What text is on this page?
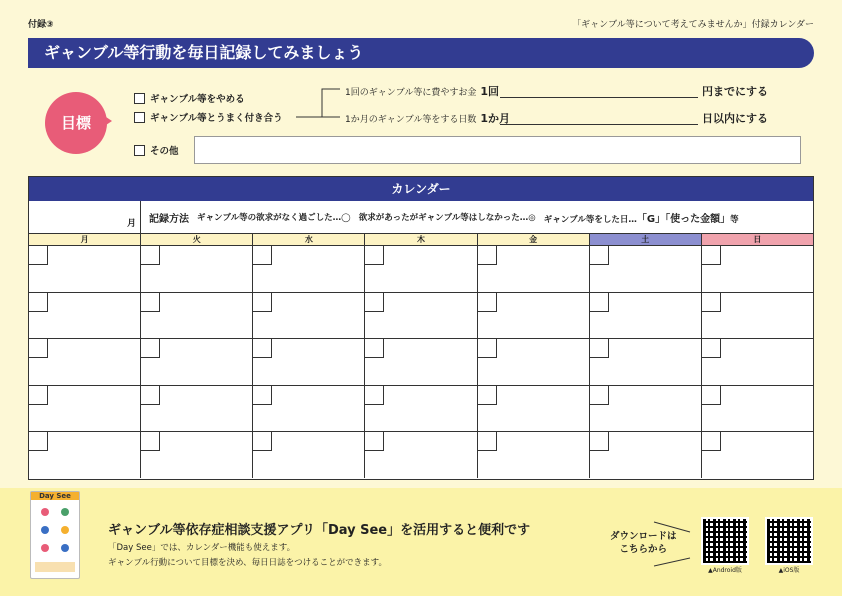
付録③	「ギャンブル等について考えてみませんか」付録カレンダー
ギャンブル等行動を毎日記録してみましょう
目標
ギャンブル等をやめる
ギャンブル等とうまく付き合う
その他
1回のギャンブル等に費やすお金 1回	円までにする
1か月のギャンブル等をする日数 1か月	日以内にする
カレンダー
月 記録方法 ギャンブル等の欲求がなく過ごした…◯ 欲求があったがギャンブル等はしなかった…◎ ギャンブル等をした日…「G」「使った金額」等
月	火	水	木	金	土	日
Day See
ギャンブル等依存症相談支援アプリ「Day See」を活用すると便利です
「Day See」では、カレンダー機能も使えます。
ギャンブル行動について目標を決め、毎日日誌をつけることができます。
ダウンロードは
こちらから
▲Android版	▲iOS版
